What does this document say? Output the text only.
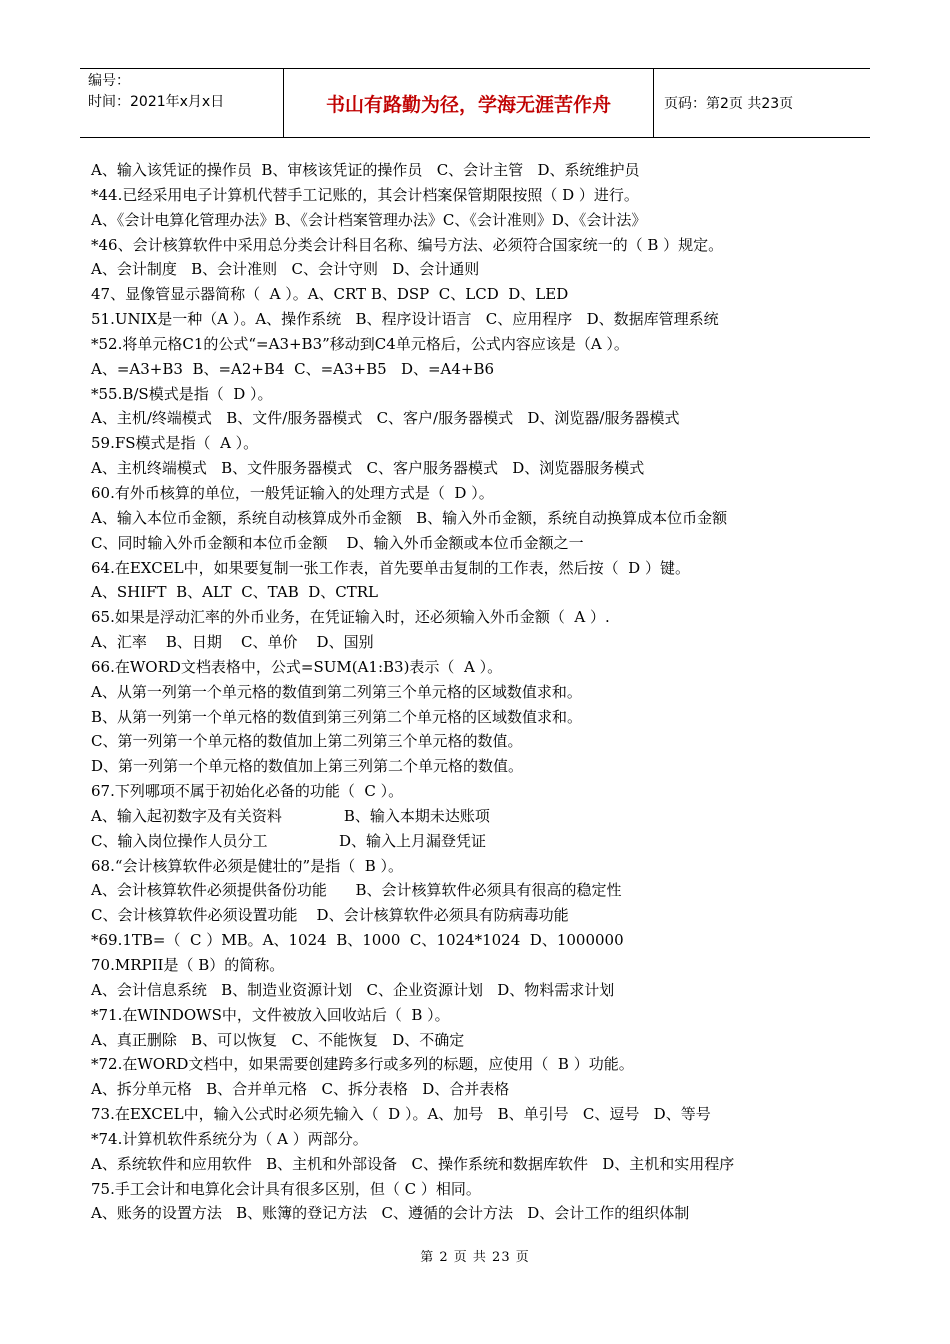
编号：
时间：2021年x月x日	书山有路勤为径，学海无涯苦作舟	页码：第2页 共23页
A、输入该凭证的操作员  B、审核该凭证的操作员   C、会计主管   D、系统维护员
*44.已经采用电子计算机代替手工记账的，其会计档案保管期限按照（ D ）进行。
A、《会计电算化管理办法》B、《会计档案管理办法》C、《会计准则》D、《会计法》
*46、会计核算软件中采用总分类会计科目名称、编号方法、必须符合国家统一的（ B ）规定。
A、会计制度   B、会计准则   C、会计守则   D、会计通则
47、显像管显示器简称（  A ）。A、CRT B、DSP  C、LCD  D、LED
51.UNIX是一种（A ）。A、操作系统   B、程序设计语言   C、应用程序   D、数据库管理系统
*52.将单元格C1的公式“=A3+B3”移动到C4单元格后，公式内容应该是（A ）。
A、=A3+B3  B、=A2+B4  C、=A3+B5   D、=A4+B6
*55.B/S模式是指（  D ）。
A、主机/终端模式   B、文件/服务器模式   C、客户/服务器模式   D、浏览器/服务器模式
59.FS模式是指（  A ）。
A、主机终端模式   B、文件服务器模式   C、客户服务器模式   D、浏览器服务模式
60.有外币核算的单位，一般凭证输入的处理方式是（  D ）。
A、输入本位币金额，系统自动核算成外币金额   B、输入外币金额，系统自动换算成本位币金额
C、同时输入外币金额和本位币金额    D、输入外币金额或本位币金额之一
64.在EXCEL中，如果要复制一张工作表，首先要单击复制的工作表，然后按（  D ）键。
A、SHIFT  B、ALT  C、TAB  D、CTRL
65.如果是浮动汇率的外币业务，在凭证输入时，还必须输入外币金额（  A ）.
A、汇率    B、日期    C、单价    D、国别
66.在WORD文档表格中，公式=SUM(A1:B3)表示（  A ）。
A、从第一列第一个单元格的数值到第二列第三个单元格的区域数值求和。
B、从第一列第一个单元格的数值到第三列第二个单元格的区域数值求和。
C、第一列第一个单元格的数值加上第二列第三个单元格的数值。
D、第一列第一个单元格的数值加上第三列第二个单元格的数值。
67.下列哪项不属于初始化必备的功能（  C ）。
A、输入起初数字及有关资料             B、输入本期未达账项
C、输入岗位操作人员分工               D、输入上月漏登凭证
68.“会计核算软件必须是健壮的”是指（  B ）。
A、会计核算软件必须提供备份功能      B、会计核算软件必须具有很高的稳定性
C、会计核算软件必须设置功能    D、会计核算软件必须具有防病毒功能
*69.1TB=（  C ）MB。A、1024  B、1000  C、1024*1024  D、1000000
70.MRPII是（ B）的简称。
A、会计信息系统   B、制造业资源计划   C、企业资源计划   D、物料需求计划
*71.在WINDOWS中，文件被放入回收站后（  B ）。
A、真正删除   B、可以恢复   C、不能恢复   D、不确定
*72.在WORD文档中，如果需要创建跨多行或多列的标题，应使用（  B ）功能。
A、拆分单元格   B、合并单元格   C、拆分表格   D、合并表格
73.在EXCEL中，输入公式时必须先输入（  D ）。A、加号   B、单引号   C、逗号   D、等号
*74.计算机软件系统分为（ A ）两部分。
A、系统软件和应用软件   B、主机和外部设备   C、操作系统和数据库软件   D、主机和实用程序
75.手工会计和电算化会计具有很多区别，但（ C ）相同。
A、账务的设置方法   B、账簿的登记方法   C、遵循的会计方法   D、会计工作的组织体制
第 2 页 共 23 页
